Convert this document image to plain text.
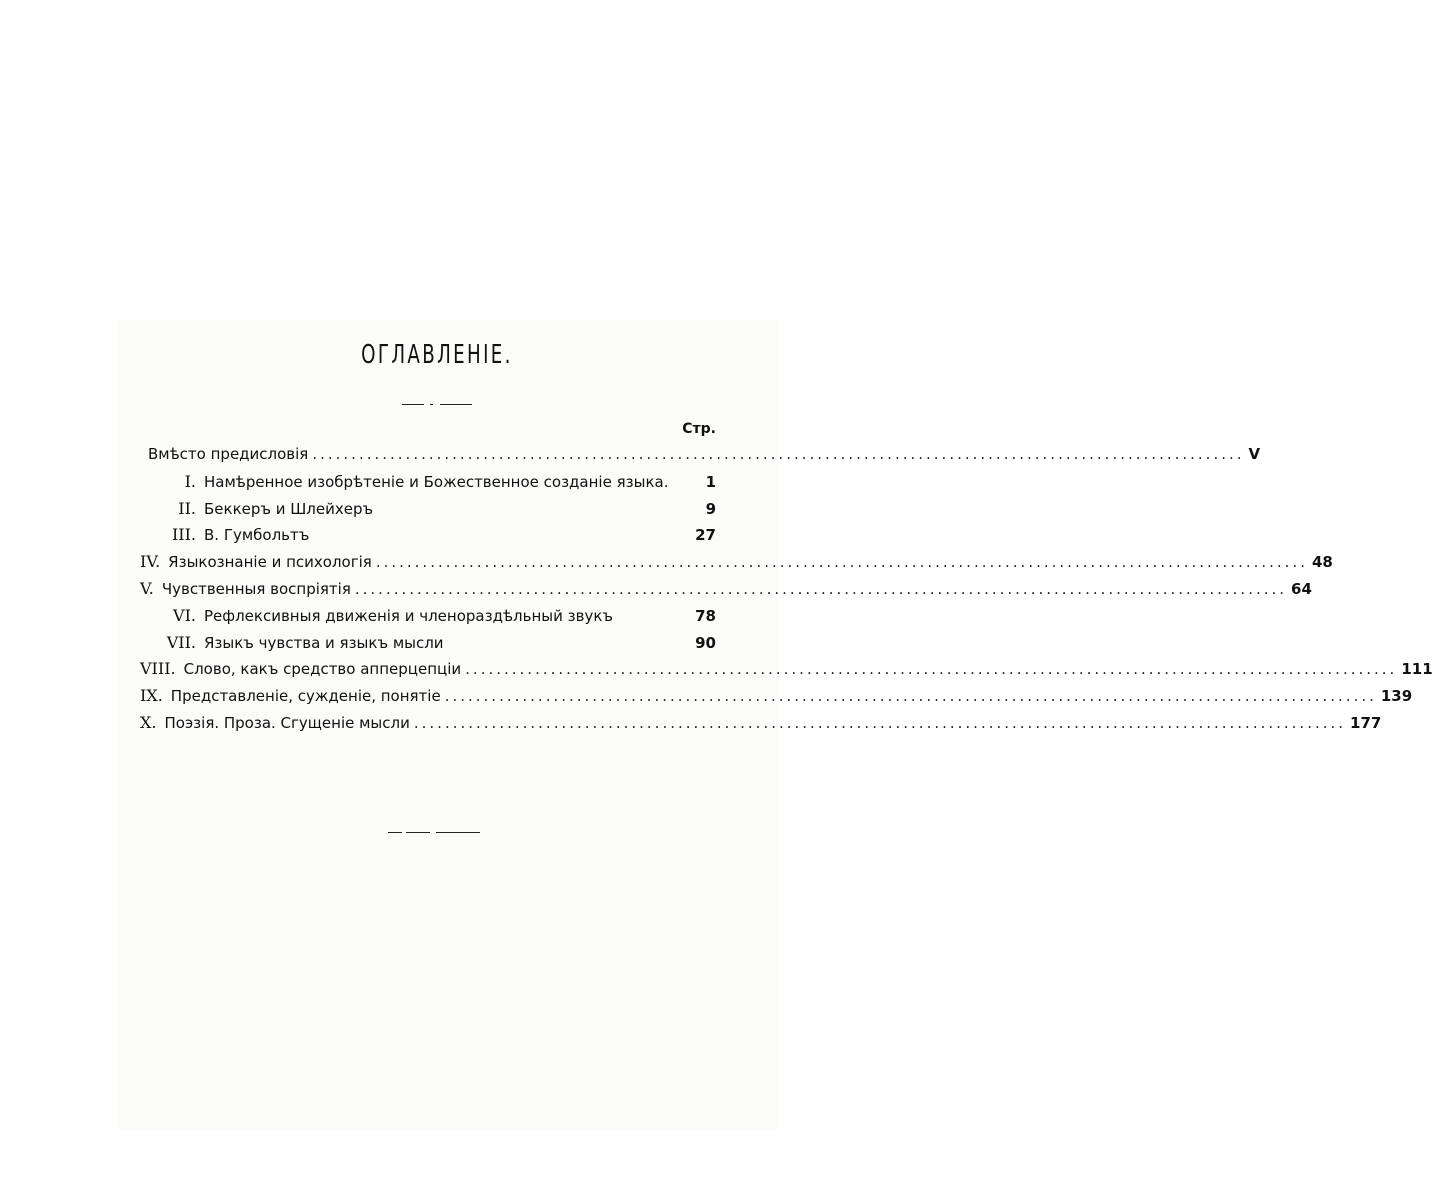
ОГЛАВЛЕНІЕ.
Стр.
Вмѣсто предисловія ........................................................................................................................ V
I. Намѣренное изобрѣтеніе и Божественное созданіе языка. 1
II. Беккеръ и Шлейхеръ	9
III. В. Гумбольтъ	27
IV. Языкознаніе и психологія ........................................................................................................................ 48
V. Чувственныя воспріятія ........................................................................................................................ 64
VI. Рефлексивныя движенія и членораздѣльный звукъ	78
VII. Языкъ чувства и языкъ мысли	90
VIII. Слово, какъ средство апперцепціи ........................................................................................................................ 111
IX. Представленіе, сужденіе, понятіе ........................................................................................................................ 139
X. Поэзія. Проза. Сгущеніе мысли ........................................................................................................................ 177
